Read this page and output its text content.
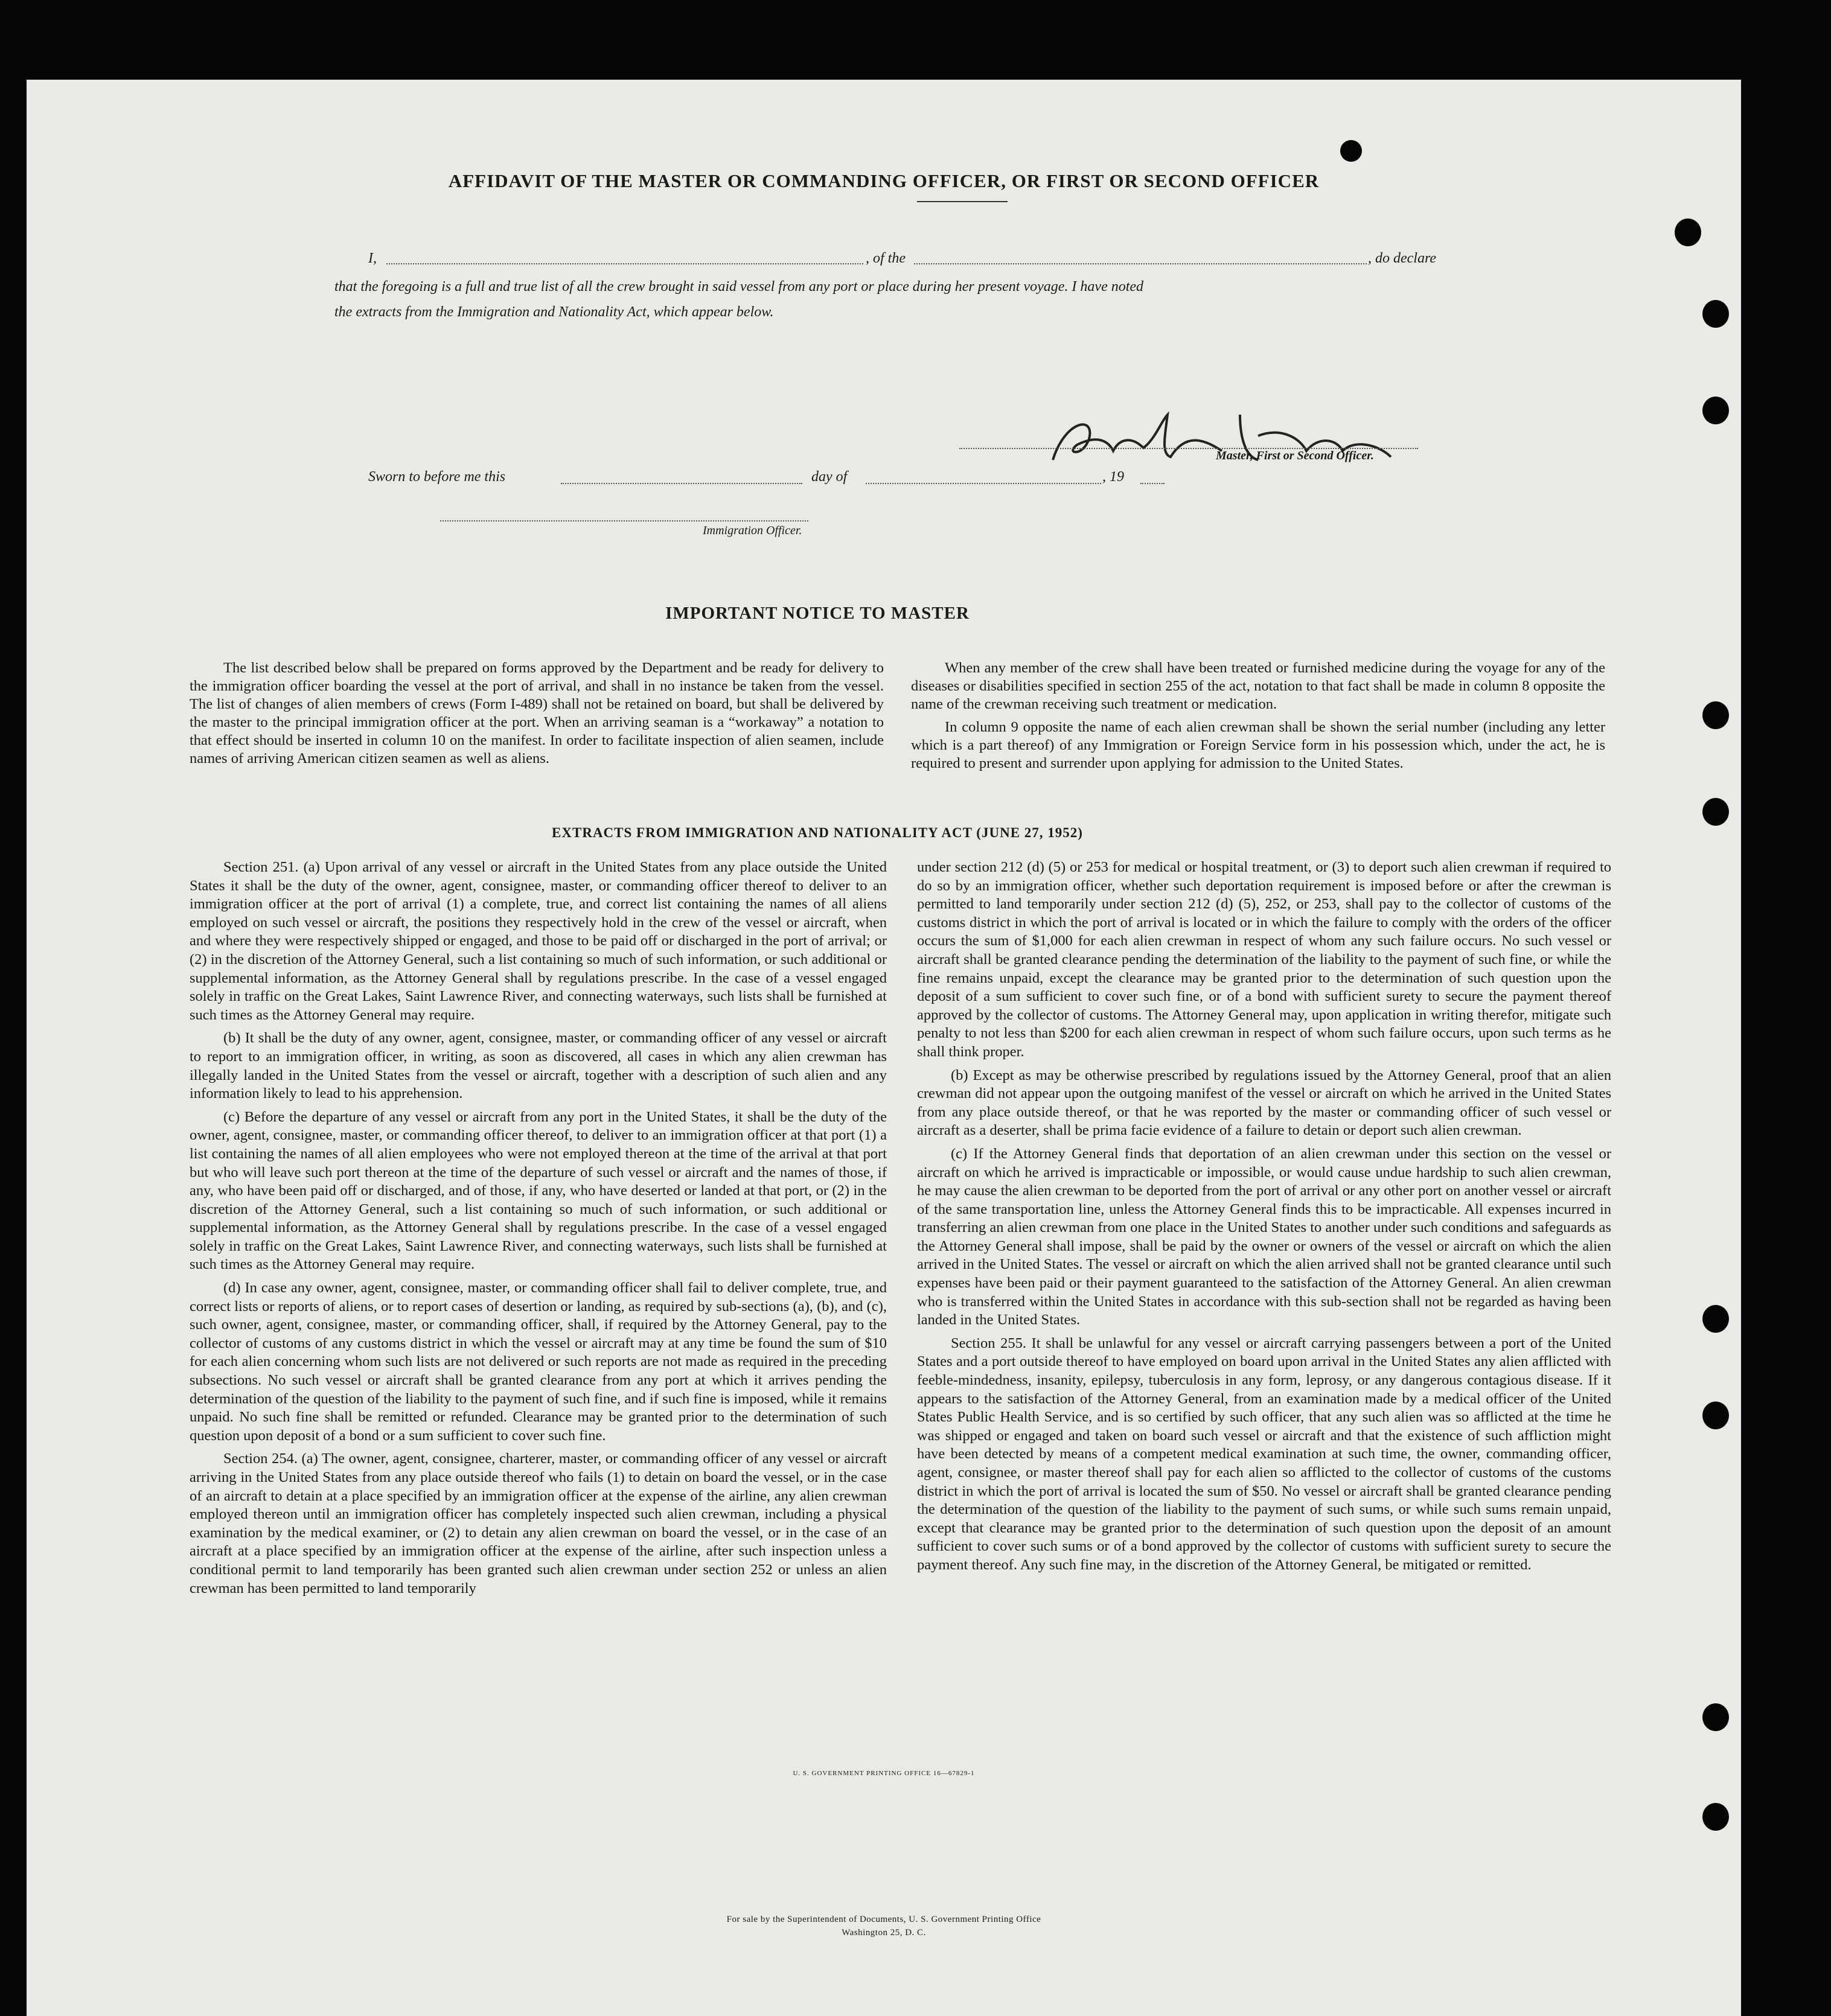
AFFIDAVIT OF THE MASTER OR COMMANDING OFFICER, OR FIRST OR SECOND OFFICER
I,	, of the	, do declare
that the foregoing is a full and true list of all the crew brought in said vessel from any port or place during her present voyage. I have noted
the extracts from the Immigration and Nationality Act, which appear below.
Master, First or Second Officer.
Sworn to before me this	day of	, 19
Immigration Officer.
IMPORTANT NOTICE TO MASTER

The list described below shall be prepared on forms approved by the Department and be ready for delivery to the immigration officer boarding the vessel at the port of arrival, and shall in no instance be taken from the vessel. The list of changes of alien members of crews (Form I-489) shall not be retained on board, but shall be delivered by the master to the principal immigration officer at the port. When an arriving seaman is a “workaway” a notation to that effect should be inserted in column 10 on the manifest. In order to facilitate inspection of alien seamen, include names of arriving American citizen seamen as well as aliens.

When any member of the crew shall have been treated or furnished medicine during the voyage for any of the diseases or disabilities specified in section 255 of the act, notation to that fact shall be made in column 8 opposite the name of the crewman receiving such treatment or medication.

In column 9 opposite the name of each alien crewman shall be shown the serial number (including any letter which is a part thereof) of any Immigration or Foreign Service form in his possession which, under the act, he is required to present and surrender upon applying for admission to the United States.

EXTRACTS FROM IMMIGRATION AND NATIONALITY ACT (JUNE 27, 1952)

Section 251. (a) Upon arrival of any vessel or aircraft in the United States from any place outside the United States it shall be the duty of the owner, agent, consignee, master, or commanding officer thereof to deliver to an immigration officer at the port of arrival (1) a complete, true, and correct list containing the names of all aliens employed on such vessel or aircraft, the positions they respectively hold in the crew of the vessel or aircraft, when and where they were respectively shipped or engaged, and those to be paid off or discharged in the port of arrival; or (2) in the discretion of the Attorney General, such a list containing so much of such information, or such additional or supplemental information, as the Attorney General shall by regulations prescribe. In the case of a vessel engaged solely in traffic on the Great Lakes, Saint Lawrence River, and connecting waterways, such lists shall be furnished at such times as the Attorney General may require.

(b) It shall be the duty of any owner, agent, consignee, master, or commanding officer of any vessel or aircraft to report to an immigration officer, in writing, as soon as discovered, all cases in which any alien crewman has illegally landed in the United States from the vessel or aircraft, together with a description of such alien and any information likely to lead to his apprehension.

(c) Before the departure of any vessel or aircraft from any port in the United States, it shall be the duty of the owner, agent, consignee, master, or commanding officer thereof, to deliver to an immigration officer at that port (1) a list containing the names of all alien employees who were not employed thereon at the time of the arrival at that port but who will leave such port thereon at the time of the departure of such vessel or aircraft and the names of those, if any, who have been paid off or discharged, and of those, if any, who have deserted or landed at that port, or (2) in the discretion of the Attorney General, such a list containing so much of such information, or such additional or supplemental information, as the Attorney General shall by regulations prescribe. In the case of a vessel engaged solely in traffic on the Great Lakes, Saint Lawrence River, and connecting waterways, such lists shall be furnished at such times as the Attorney General may require.

(d) In case any owner, agent, consignee, master, or commanding officer shall fail to deliver complete, true, and correct lists or reports of aliens, or to report cases of desertion or landing, as required by sub-sections (a), (b), and (c), such owner, agent, consignee, master, or commanding officer, shall, if required by the Attorney General, pay to the collector of customs of any customs district in which the vessel or aircraft may at any time be found the sum of $10 for each alien concerning whom such lists are not delivered or such reports are not made as required in the preceding subsections. No such vessel or aircraft shall be granted clearance from any port at which it arrives pending the determination of the question of the liability to the payment of such fine, and if such fine is imposed, while it remains unpaid. No such fine shall be remitted or refunded. Clearance may be granted prior to the determination of such question upon deposit of a bond or a sum sufficient to cover such fine.

Section 254. (a) The owner, agent, consignee, charterer, master, or commanding officer of any vessel or aircraft arriving in the United States from any place outside thereof who fails (1) to detain on board the vessel, or in the case of an aircraft to detain at a place specified by an immigration officer at the expense of the airline, any alien crewman employed thereon until an immigration officer has completely inspected such alien crewman, including a physical examination by the medical examiner, or (2) to detain any alien crewman on board the vessel, or in the case of an aircraft at a place specified by an immigration officer at the expense of the airline, after such inspection unless a conditional permit to land temporarily has been granted such alien crewman under section 252 or unless an alien crewman has been permitted to land temporarily

under section 212 (d) (5) or 253 for medical or hospital treatment, or (3) to deport such alien crewman if required to do so by an immigration officer, whether such deportation requirement is imposed before or after the crewman is permitted to land temporarily under section 212 (d) (5), 252, or 253, shall pay to the collector of customs of the customs district in which the port of arrival is located or in which the failure to comply with the orders of the officer occurs the sum of $1,000 for each alien crewman in respect of whom any such failure occurs. No such vessel or aircraft shall be granted clearance pending the determination of the liability to the payment of such fine, or while the fine remains unpaid, except the clearance may be granted prior to the determination of such question upon the deposit of a sum sufficient to cover such fine, or of a bond with sufficient surety to secure the payment thereof approved by the collector of customs. The Attorney General may, upon application in writing therefor, mitigate such penalty to not less than $200 for each alien crewman in respect of whom such failure occurs, upon such terms as he shall think proper.

(b) Except as may be otherwise prescribed by regulations issued by the Attorney General, proof that an alien crewman did not appear upon the outgoing manifest of the vessel or aircraft on which he arrived in the United States from any place outside thereof, or that he was reported by the master or commanding officer of such vessel or aircraft as a deserter, shall be prima facie evidence of a failure to detain or deport such alien crewman.

(c) If the Attorney General finds that deportation of an alien crewman under this section on the vessel or aircraft on which he arrived is impracticable or impossible, or would cause undue hardship to such alien crewman, he may cause the alien crewman to be deported from the port of arrival or any other port on another vessel or aircraft of the same transportation line, unless the Attorney General finds this to be impracticable. All expenses incurred in transferring an alien crewman from one place in the United States to another under such conditions and safeguards as the Attorney General shall impose, shall be paid by the owner or owners of the vessel or aircraft on which the alien arrived in the United States. The vessel or aircraft on which the alien arrived shall not be granted clearance until such expenses have been paid or their payment guaranteed to the satisfaction of the Attorney General. An alien crewman who is transferred within the United States in accordance with this sub-section shall not be regarded as having been landed in the United States.

Section 255. It shall be unlawful for any vessel or aircraft carrying passengers between a port of the United States and a port outside thereof to have employed on board upon arrival in the United States any alien afflicted with feeble-mindedness, insanity, epilepsy, tuberculosis in any form, leprosy, or any dangerous contagious disease. If it appears to the satisfaction of the Attorney General, from an examination made by a medical officer of the United States Public Health Service, and is so certified by such officer, that any such alien was so afflicted at the time he was shipped or engaged and taken on board such vessel or aircraft and that the existence of such affliction might have been detected by means of a competent medical examination at such time, the owner, commanding officer, agent, consignee, or master thereof shall pay for each alien so afflicted to the collector of customs of the customs district in which the port of arrival is located the sum of $50. No vessel or aircraft shall be granted clearance pending the determination of the question of the liability to the payment of such sums, or while such sums remain unpaid, except that clearance may be granted prior to the determination of such question upon the deposit of an amount sufficient to cover such sums or of a bond approved by the collector of customs with sufficient surety to secure the payment thereof. Any such fine may, in the discretion of the Attorney General, be mitigated or remitted.

U. S. GOVERNMENT PRINTING OFFICE 16—67829-1
For sale by the Superintendent of Documents, U. S. Government Printing Office
Washington 25, D. C.
